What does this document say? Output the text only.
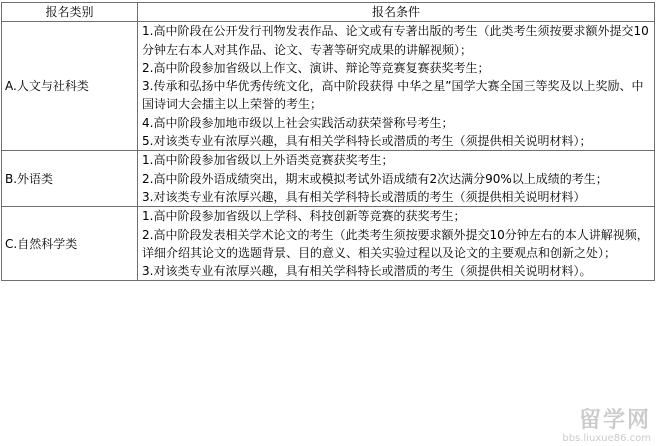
报名类别	报名条件
A.人文与社科类	1.高中阶段在公开发行刊物发表作品、论文或有专著出版的考生（此类考生须按要求额外提交10分钟左右本人对其作品、论文、专著等研究成果的讲解视频）；
2.高中阶段参加省级以上作文、演讲、辩论等竞赛复赛获奖考生；
3.传承和弘扬中华优秀传统文化，高中阶段获得 中华之星”国学大赛全国三等奖及以上奖励、中国诗词大会擂主以上荣誉的考生；
4.高中阶段参加地市级以上社会实践活动获荣誉称号考生；
5.对该类专业有浓厚兴趣，具有相关学科特长或潜质的考生（须提供相关说明材料）；

B.外语类	1.高中阶段参加省级以上外语类竞赛获奖考生；
2.高中阶段外语成绩突出，期末或模拟考试外语成绩有2次达满分90%以上成绩的考生；
3.对该类专业有浓厚兴趣，具有相关学科特长或潜质的考生（须提供相关说明材料）

C.自然科学类	1.高中阶段参加省级以上学科、科技创新等竞赛的获奖考生；
2.高中阶段发表相关学术论文的考生（此类考生须按要求额外提交10分钟左右的本人讲解视频，详细介绍其论文的选题背景、目的意义、相关实验过程以及论文的主要观点和创新之处）；
3.对该类专业有浓厚兴趣，具有相关学科特长或潜质的考生（须提供相关说明材料）。
留学网
bbs.liuxue86.com
